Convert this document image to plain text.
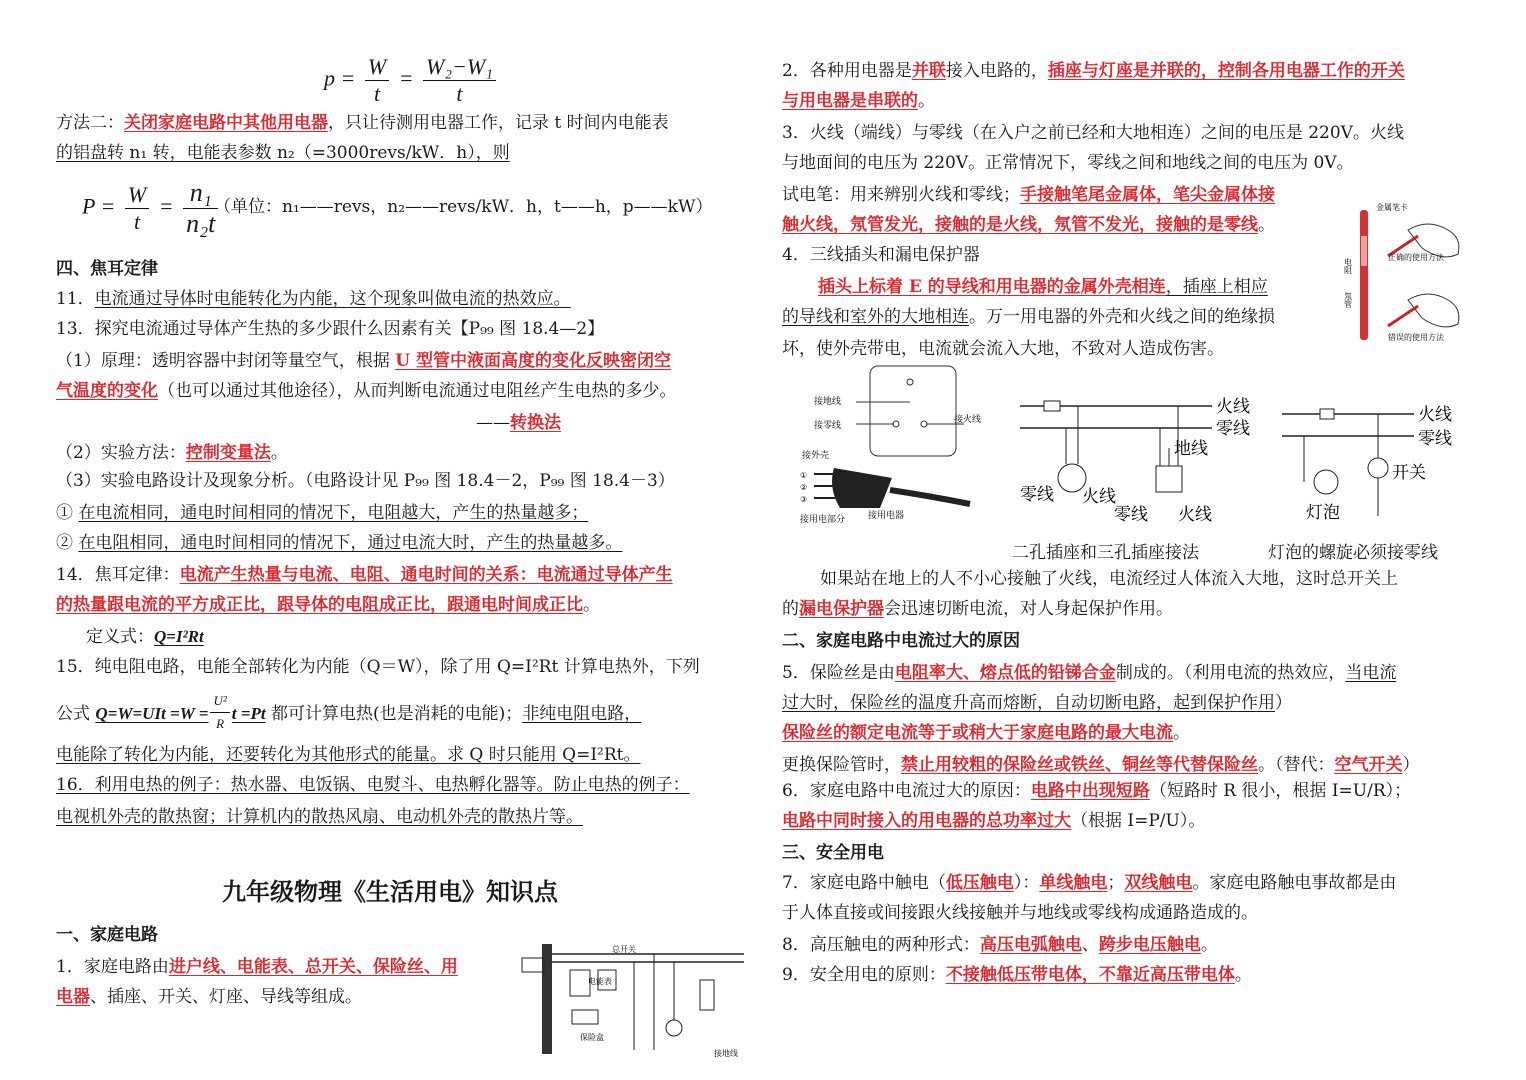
$p = \frac{W}{t} = \frac{\text{W₂−W₁}}{t}$
方法二：关闭家庭电路中其他用电器，只让待测用电器工作，记录 t 时间内电能表
的铝盘转 n₁ 转，电能表参数 n₂（=3000revs/kW．h），则
$P = \frac{W}{t} = \frac{\text{n₁}}{\text{n₂t}}$
（单位：n₁——revs，n₂——revs/kW．h，t——h，p——kW）
四、焦耳定律
11．电流通过导体时电能转化为内能，这个现象叫做电流的热效应。
13．探究电流通过导体产生热的多少跟什么因素有关【P₉₉ 图 18.4—2】
（1）原理：透明容器中封闭等量空气，根据 U 型管中液面高度的变化反映密闭空
气温度的变化（也可以通过其他途径），从而判断电流通过电阻丝产生电热的多少。
——转换法
（2）实验方法：控制变量法。
（3）实验电路设计及现象分析。（电路设计见 P₉₉ 图 18.4－2，P₉₉ 图 18.4－3）
① 在电流相同，通电时间相同的情况下，电阻越大，产生的热量越多；
② 在电阻相同，通电时间相同的情况下，通过电流大时，产生的热量越多。
14．焦耳定律：电流产生热量与电流、电阻、通电时间的关系：电流通过导体产生
的热量跟电流的平方成正比，跟导体的电阻成正比，跟通电时间成正比。
定义式：Q=I²Rt
15．纯电阻电路，电能全部转化为内能（Q＝W），除了用 Q=I²Rt 计算电热外，下列
公式 $Q=W=UIt =W = \frac{\text{U²}}{R}$ t =Pt 都可计算电热(也是消耗的电能)；非纯电阻电路，
电能除了转化为内能，还要转化为其他形式的能量。求 Q 时只能用 Q=I²Rt。
16．利用电热的例子：热水器、电饭锅、电熨斗、电热孵化器等。防止电热的例子：
电视机外壳的散热窗；计算机内的散热风扇、电动机外壳的散热片等。
九年级物理《生活用电》知识点
一、家庭电路
1．家庭电路由进户线、电能表、总开关、保险丝、用
电器、插座、开关、灯座、导线等组成。
总开关
电能表
保险盒
接地线
2．各种用电器是并联接入电路的，插座与灯座是并联的，控制各用电器工作的开关
与用电器是串联的。
3．火线（端线）与零线（在入户之前已经和大地相连）之间的电压是 220V。火线
与地面间的电压为 220V。正常情况下，零线之间和地线之间的电压为 0V。
试电笔：用来辨别火线和零线；手接触笔尾金属体，笔尖金属体接
触火线，氖管发光，接触的是火线，氖管不发光，接触的是零线。
金属笔卡
电阻
氖管
正确的使用方法
错误的使用方法
4．三线插头和漏电保护器
插头上标着 E 的导线和用电器的金属外壳相连，插座上相应
的导线和室外的大地相连。万一用电器的外壳和火线之间的绝缘损
坏，使外壳带电，电流就会流入大地，不致对人造成伤害。
接地线
接零线
接火线
接外壳
①
②
③
接用电部分	接用电器
火线
零线
地线
零线 火线
零线 火线
火线
零线
开关
灯泡
二孔插座和三孔插座接法	灯泡的螺旋必须接零线
如果站在地上的人不小心接触了火线，电流经过人体流入大地，这时总开关上
的漏电保护器会迅速切断电流，对人身起保护作用。
二、家庭电路中电流过大的原因
5．保险丝是由电阻率大、熔点低的铅锑合金制成的。（利用电流的热效应，当电流
过大时，保险丝的温度升高而熔断，自动切断电路，起到保护作用）
保险丝的额定电流等于或稍大于家庭电路的最大电流。
更换保险管时，禁止用较粗的保险丝或铁丝、铜丝等代替保险丝。（替代：空气开关）
6．家庭电路中电流过大的原因：电路中出现短路（短路时 R 很小，根据 I=U/R）；
电路中同时接入的用电器的总功率过大（根据 I=P/U）。
三、安全用电
7．家庭电路中触电（低压触电）：单线触电；双线触电。家庭电路触电事故都是由
于人体直接或间接跟火线接触并与地线或零线构成通路造成的。
8．高压触电的两种形式：高压电弧触电、跨步电压触电。
9．安全用电的原则：不接触低压带电体，不靠近高压带电体。
